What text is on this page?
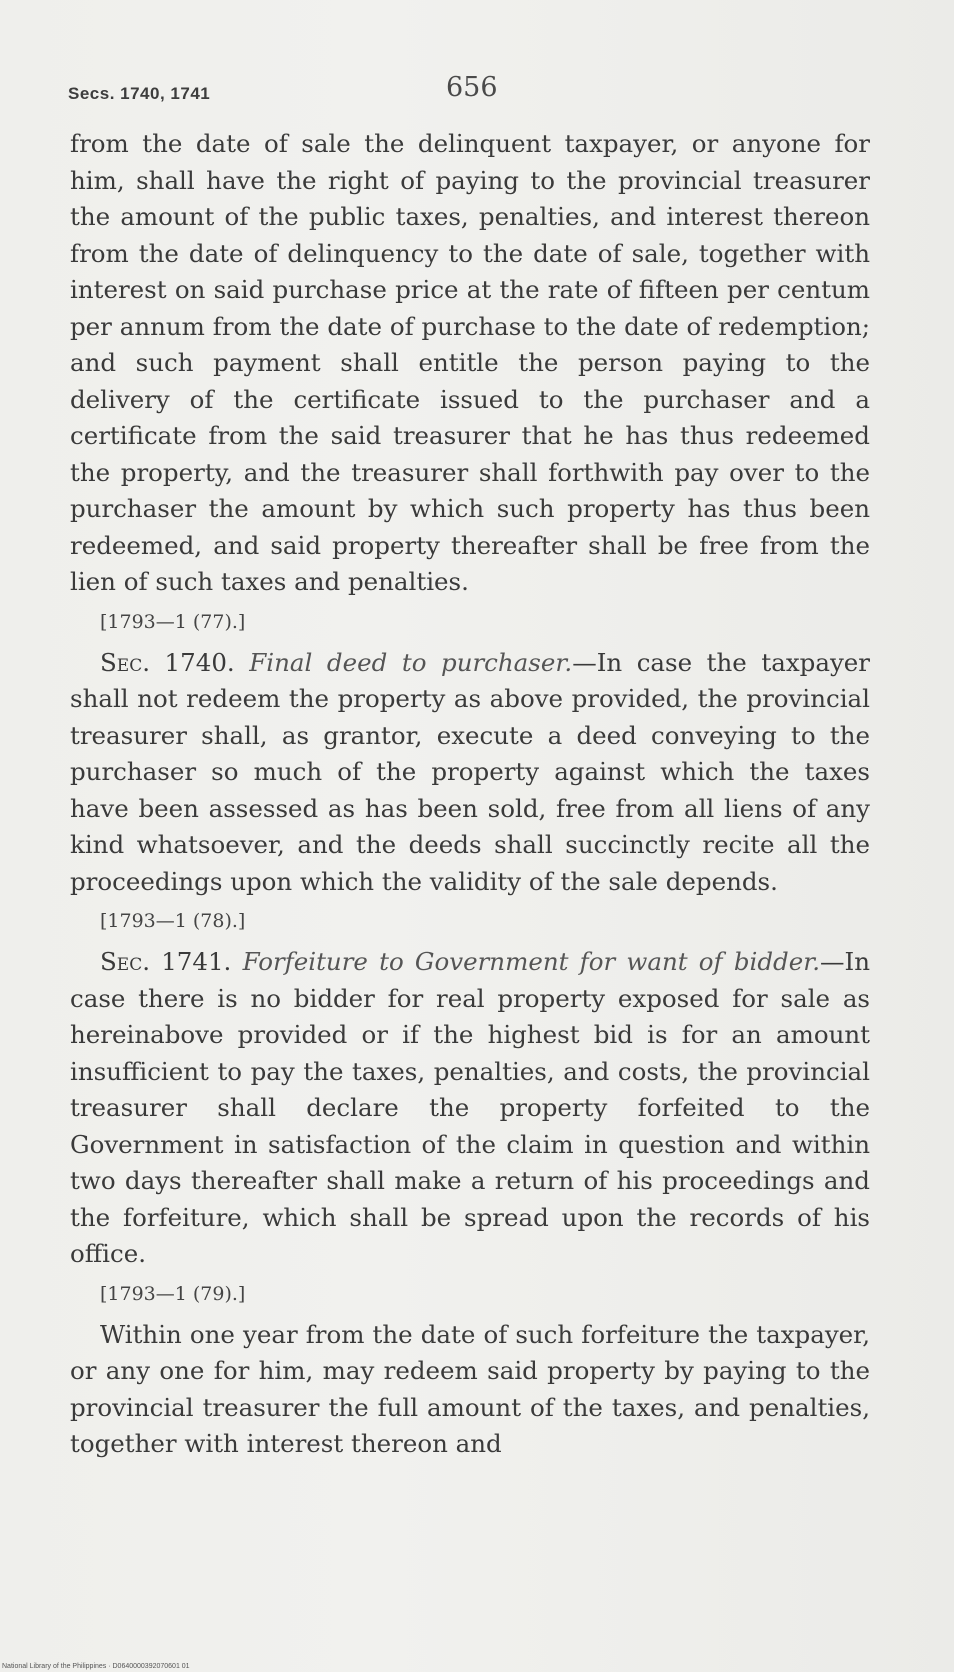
Secs. 1740, 1741	656

from the date of sale the delinquent taxpayer, or anyone for him, shall have the right of paying to the provincial treasurer the amount of the public taxes, penalties, and interest thereon from the date of delinquency to the date of sale, together with interest on said purchase price at the rate of fifteen per centum per annum from the date of purchase to the date of redemption; and such payment shall entitle the person paying to the delivery of the certificate issued to the purchaser and a certificate from the said treasurer that he has thus redeemed the property, and the treasurer shall forthwith pay over to the purchaser the amount by which such property has thus been redeemed, and said property thereafter shall be free from the lien of such taxes and penalties.

[1793—1 (77).]

Sec. 1740. Final deed to purchaser.—In case the taxpayer shall not redeem the property as above provided, the provincial treasurer shall, as grantor, execute a deed conveying to the purchaser so much of the property against which the taxes have been assessed as has been sold, free from all liens of any kind whatsoever, and the deeds shall succinctly recite all the proceedings upon which the validity of the sale depends.

[1793—1 (78).]

Sec. 1741. Forfeiture to Government for want of bidder.—In case there is no bidder for real property exposed for sale as hereinabove provided or if the highest bid is for an amount insufficient to pay the taxes, penalties, and costs, the provincial treasurer shall declare the property forfeited to the Government in satisfaction of the claim in question and within two days thereafter shall make a return of his proceedings and the forfeiture, which shall be spread upon the records of his office.

[1793—1 (79).]

Within one year from the date of such forfeiture the taxpayer, or any one for him, may redeem said property by paying to the provincial treasurer the full amount of the taxes, and penalties, together with interest thereon and

National Library of the Philippines · D0640000392070601 01
